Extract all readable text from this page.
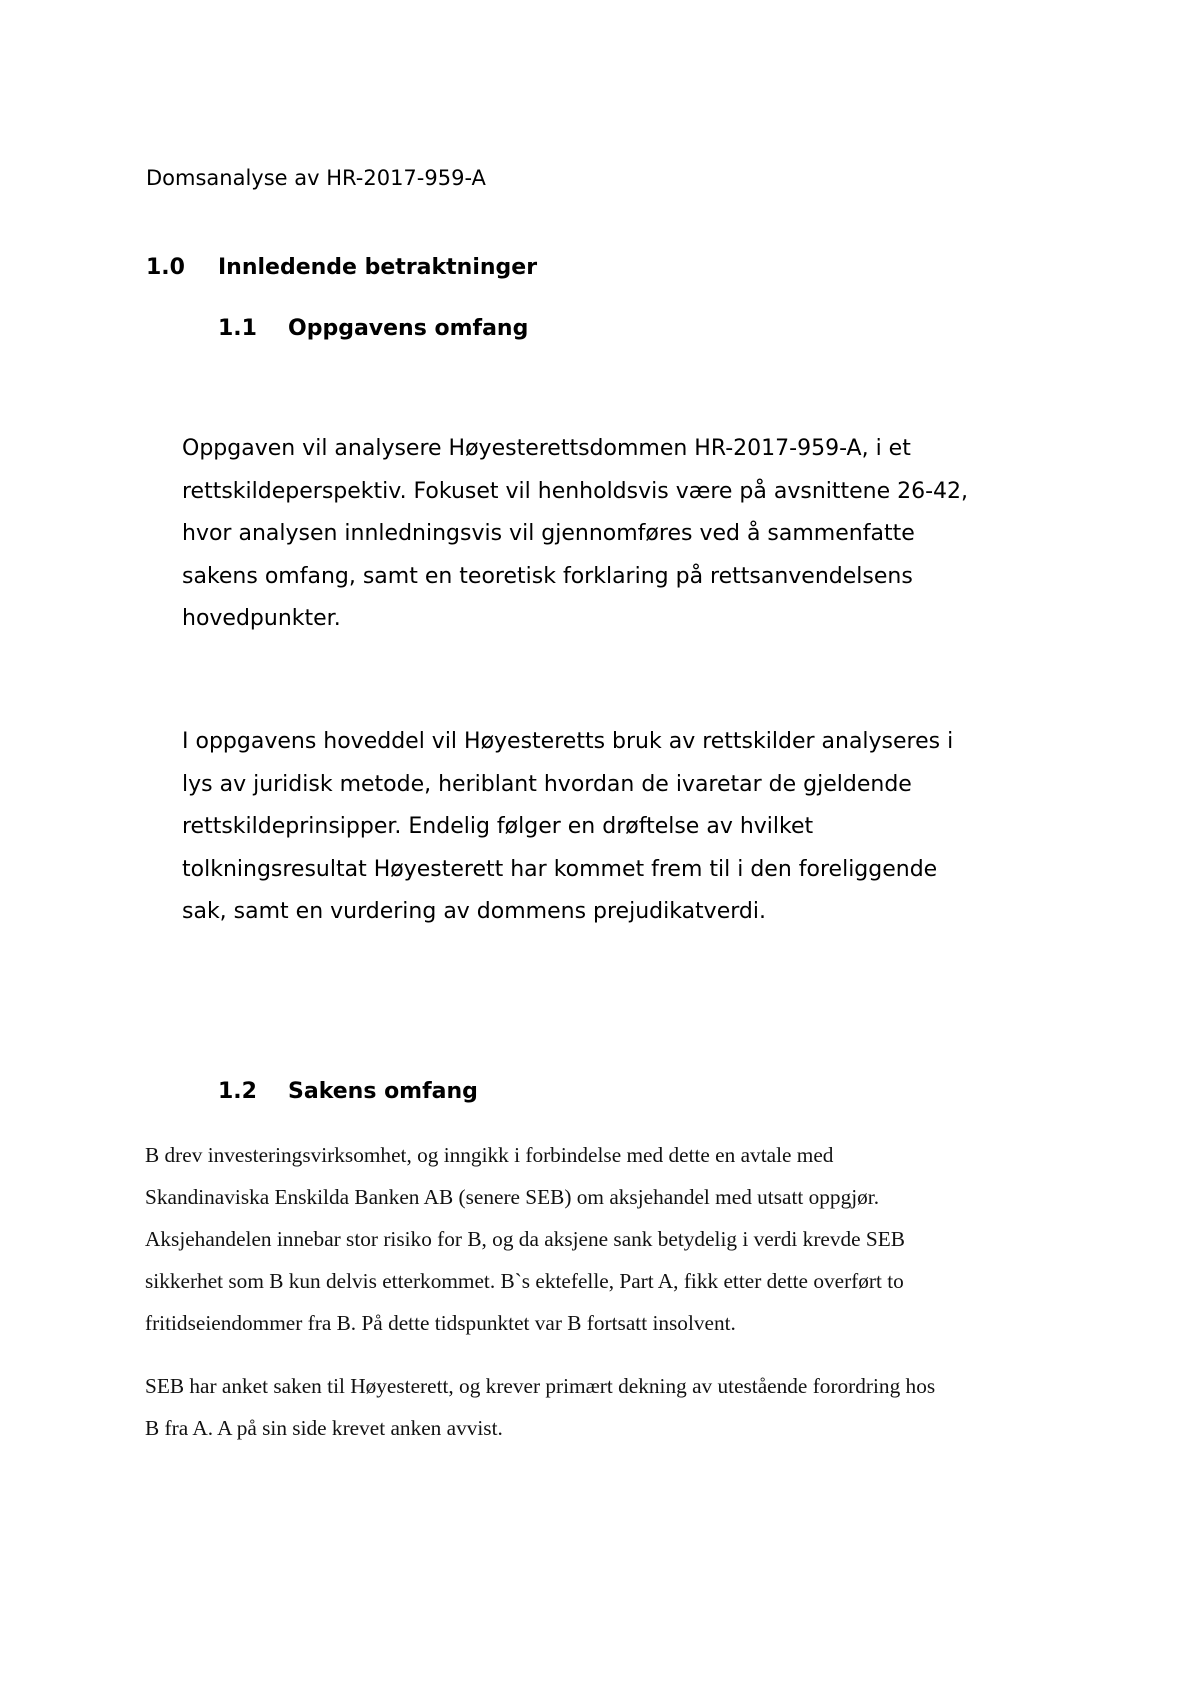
Domsanalyse av HR-2017-959-A
1.0 Innledende betraktninger
1.1 Oppgavens omfang

Oppgaven vil analysere Høyesterettsdommen HR-2017-959-A, i et
rettskildeperspektiv. Fokuset vil henholdsvis være på avsnittene 26-42,
hvor analysen innledningsvis vil gjennomføres ved å sammenfatte
sakens omfang, samt en teoretisk forklaring på rettsanvendelsens
hovedpunkter.

I oppgavens hoveddel vil Høyesteretts bruk av rettskilder analyseres i
lys av juridisk metode, heriblant hvordan de ivaretar de gjeldende
rettskildeprinsipper. Endelig følger en drøftelse av hvilket
tolkningsresultat Høyesterett har kommet frem til i den foreliggende
sak, samt en vurdering av dommens prejudikatverdi.

1.2 Sakens omfang

B drev investeringsvirksomhet, og inngikk i forbindelse med dette en avtale med
Skandinaviska Enskilda Banken AB (senere SEB) om aksjehandel med utsatt oppgjør.
Aksjehandelen innebar stor risiko for B, og da aksjene sank betydelig i verdi krevde SEB
sikkerhet som B kun delvis etterkommet. B`s ektefelle, Part A, fikk etter dette overført to
fritidseiendommer fra B. På dette tidspunktet var B fortsatt insolvent.

SEB har anket saken til Høyesterett, og krever primært dekning av utestående forordring hos
B fra A. A på sin side krevet anken avvist.
